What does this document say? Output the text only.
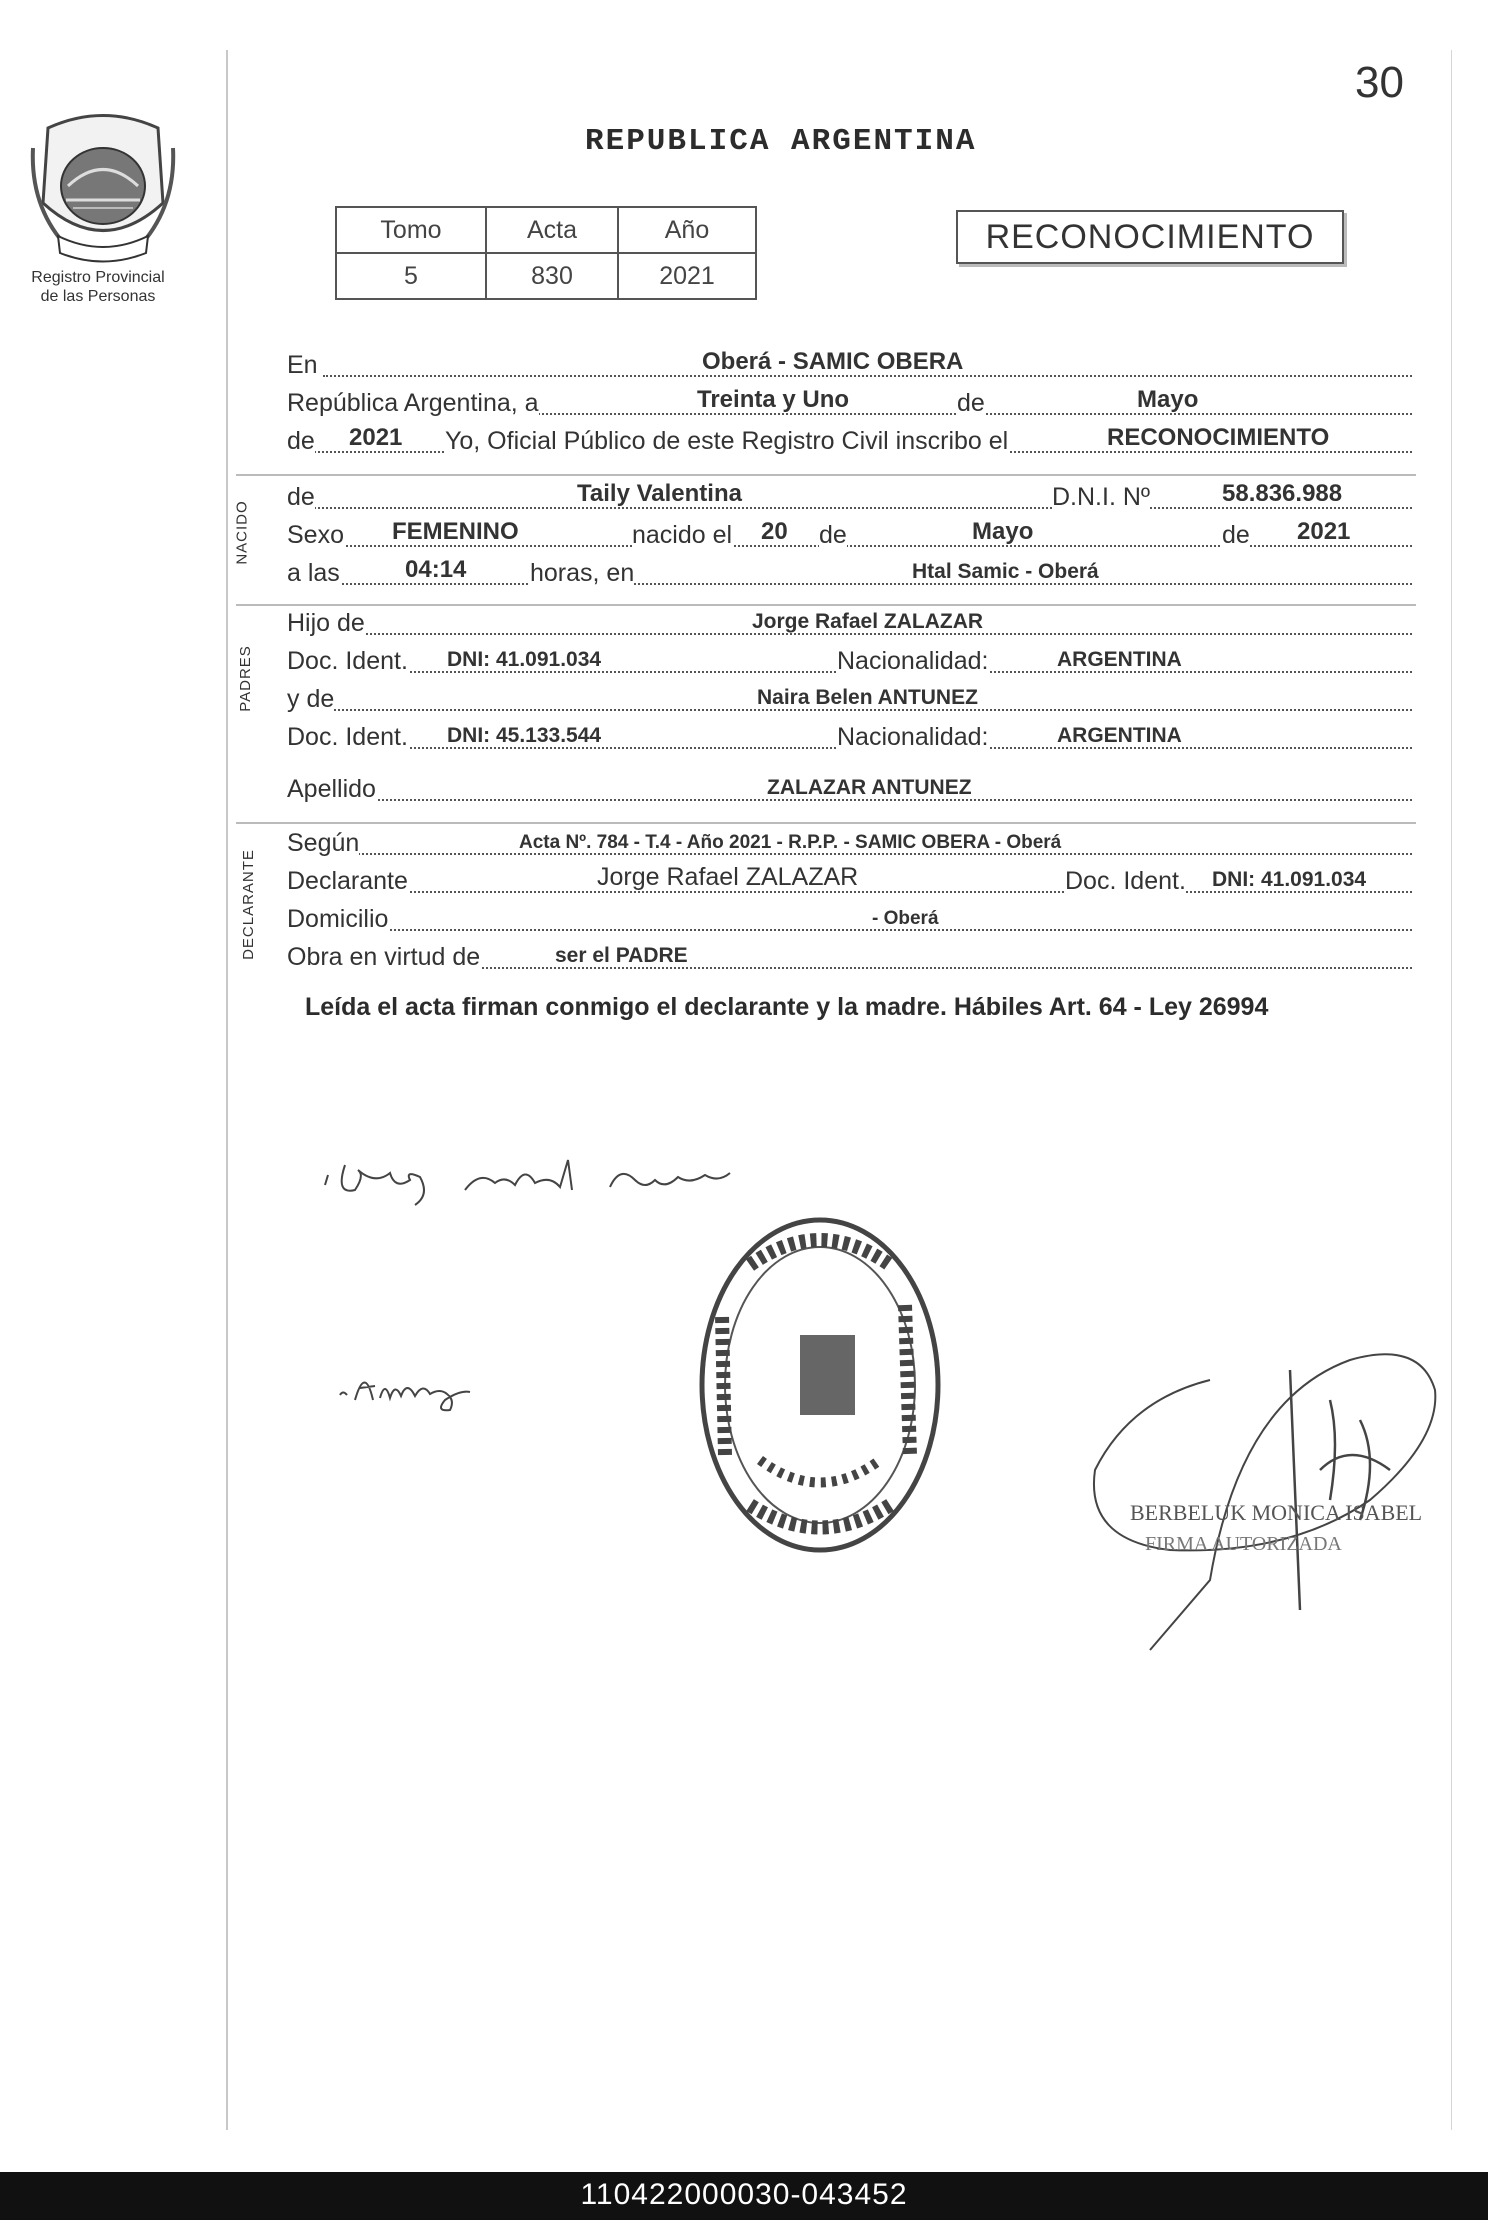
Registro Provincial
de las Personas
30
REPUBLICA ARGENTINA
Tomo	Acta	Año
5	830	2021
RECONOCIMIENTO
En	Oberá - SAMIC OBERA
República Argentina, a	Treinta y Uno	de	Mayo
de 2021 Yo, Oficial Público de este Registro Civil inscribo el	RECONOCIMIENTO
NACIDO
de	Taily Valentina	D.N.I. Nº	58.836.988
Sexo FEMENINO	nacido el 20 de	Mayo	de 2021
a las	04:14	horas, en	Htal Samic - Oberá
PADRES
Hijo de	Jorge Rafael ZALAZAR
Doc. Ident. DNI: 41.091.034	Nacionalidad:	ARGENTINA
y de	Naira Belen ANTUNEZ
Doc. Ident. DNI: 45.133.544	Nacionalidad:	ARGENTINA
Apellido	ZALAZAR ANTUNEZ
DECLARANTE
Según	Acta Nº. 784 - T.4 - Año 2021 - R.P.P. - SAMIC OBERA - Oberá
Declarante	Jorge Rafael ZALAZAR	Doc. Ident. DNI: 41.091.034
Domicilio	- Oberá
Obra en virtud de	ser el PADRE
Leída el acta firman conmigo el declarante y la madre. Hábiles Art. 64 - Ley 26994
BERBELUK MONICA ISABEL
FIRMA AUTORIZADA
110422000030-043452
